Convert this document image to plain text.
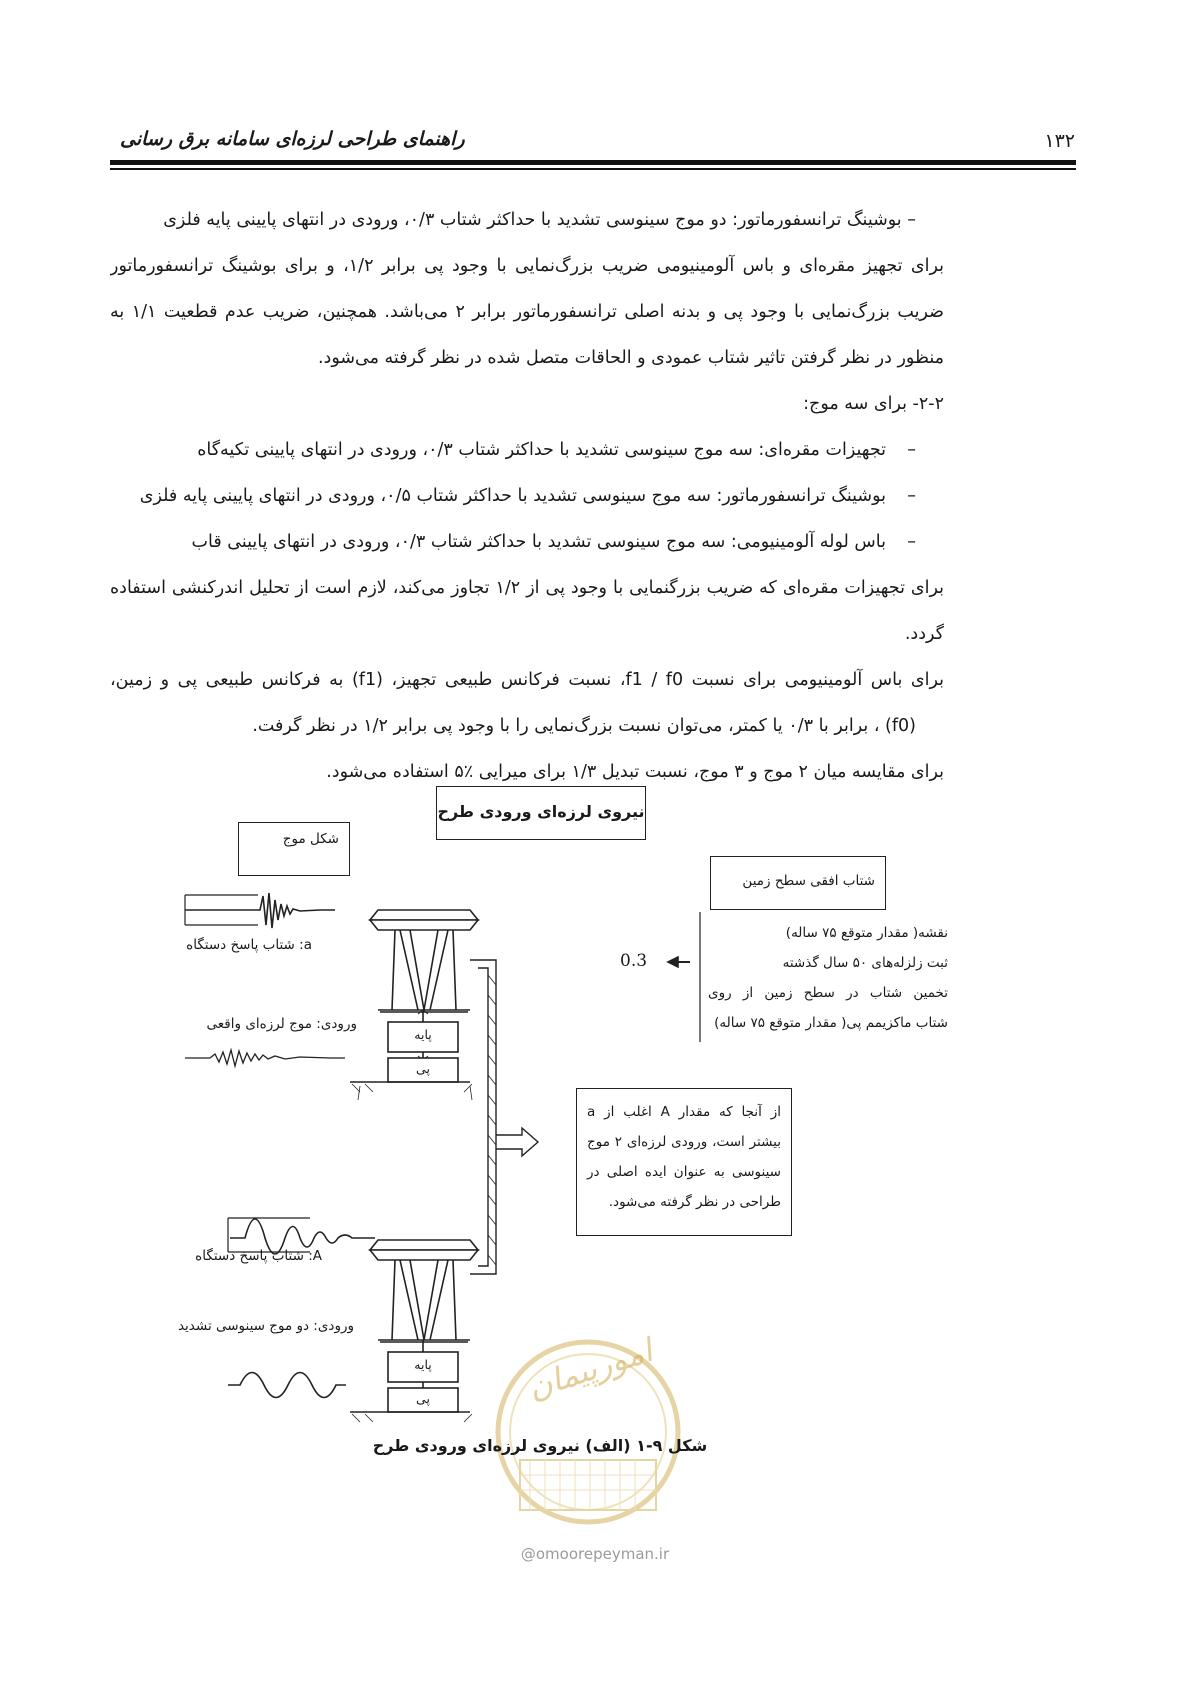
راهنمای طراحی لرزه‌ای سامانه برق رسانی	۱۳۲
– بوشینگ ترانسفورماتور: دو موج سینوسی تشدید با حداکثر شتاب ۰/۳، ورودی در انتهای پایینی پایه فلزی
برای تجهیز مقره‌ای و باس آلومینیومی ضریب بزرگ‌نمایی با وجود پی برابر ۱/۲، و برای بوشینگ ترانسفورماتور
ضریب بزرگ‌نمایی با وجود پی و بدنه اصلی ترانسفورماتور برابر ۲ می‌باشد. همچنین، ضریب عدم قطعیت ۱/۱ به
منظور در نظر گرفتن تاثیر شتاب عمودی و الحاقات متصل شده در نظر گرفته می‌شود.
۲-۲- برای سه موج:
–تجهیزات مقره‌ای: سه موج سینوسی تشدید با حداکثر شتاب ۰/۳، ورودی در انتهای پایینی تکیه‌گاه
–بوشینگ ترانسفورماتور: سه موج سینوسی تشدید با حداکثر شتاب ۰/۵، ورودی در انتهای پایینی پایه فلزی
–باس لوله آلومینیومی: سه موج سینوسی تشدید با حداکثر شتاب ۰/۳، ورودی در انتهای پایینی قاب
برای تجهیزات مقره‌ای که ضریب بزرگنمایی با وجود پی از ۱/۲ تجاوز می‌کند، لازم است از تحلیل اندرکنشی استفاده
گردد.
برای باس آلومینیومی برای نسبت f1 / f0، نسبت فرکانس طبیعی تجهیز، (f1) به فرکانس طبیعی پی و زمین،
(f0) ، برابر با ۰/۳ یا کمتر، می‌توان نسبت بزرگ‌نمایی را با وجود پی برابر ۱/۲ در نظر گرفت.
برای مقایسه میان ۲ موج و ۳ موج، نسبت تبدیل ۱/۳ برای میرایی ٪۵ استفاده می‌شود.
امورپیمان
نیروی لرزه‌ای ورودی طرح
شکل موج
شتاب افقی سطح زمین
نقشه( مقدار متوقع ۷۵ ساله)
ثبت زلزله‌های ۵۰ سال گذشته
تخمین شتاب در سطح زمین از روی
شتاب ماکزیمم پی( مقدار متوقع ۷۵ ساله)
0.3
a: شتاب پاسخ دستگاه
ورودی: موج لرزه‌ای واقعی
A: شتاب پاسخ دستگاه
ورودی: دو موج سینوسی تشدید
پایه
پی
پایه
پی
از آنجا که مقدار A اغلب از a
بیشتر است، ورودی لرزه‌ای ۲ موج
سینوسی به عنوان ایده اصلی در
طراحی در نظر گرفته می‌شود.
شکل ۹-۱ (الف) نیروی لرزه‌ای ورودی طرح
@omoorepeyman.ir
